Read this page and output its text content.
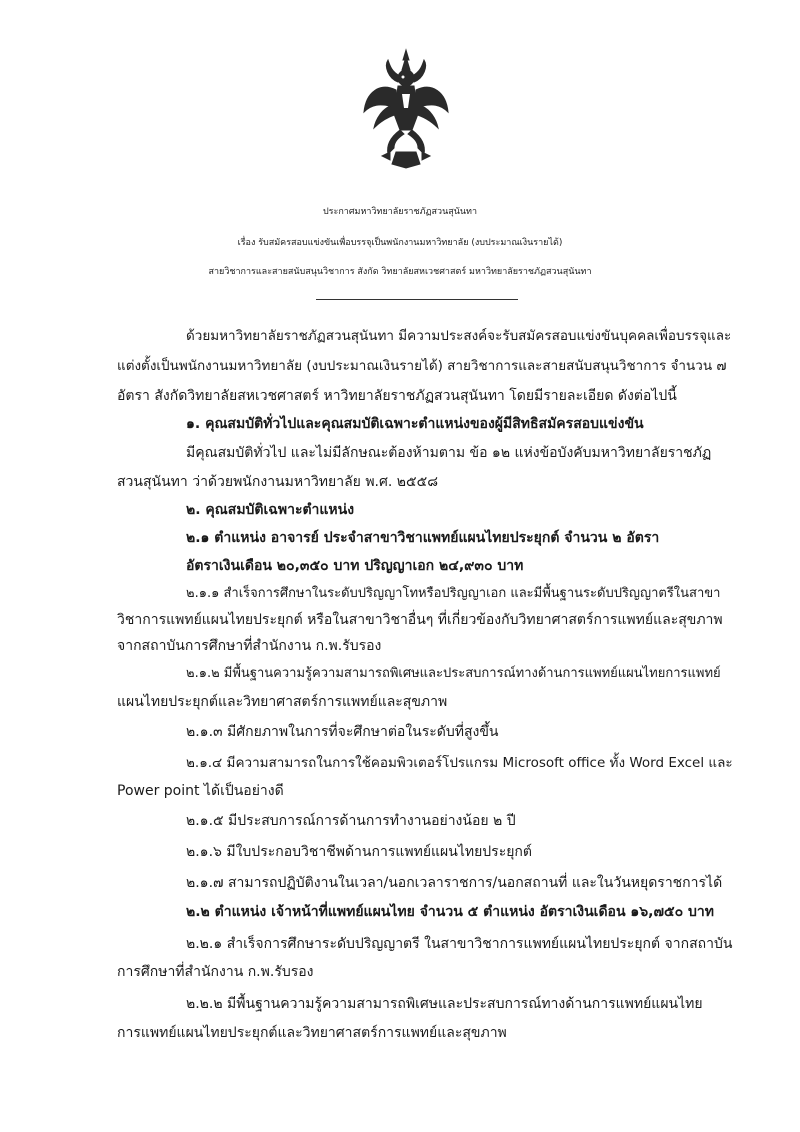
ประกาศมหาวิทยาลัยราชภัฏสวนสุนันทา
เรื่อง รับสมัครสอบแข่งขันเพื่อบรรจุเป็นพนักงานมหาวิทยาลัย (งบประมาณเงินรายได้)
สายวิชาการและสายสนับสนุนวิชาการ สังกัด วิทยาลัยสหเวชศาสตร์ มหาวิทยาลัยราชภัฏสวนสุนันทา
ด้วยมหาวิทยาลัยราชภัฏสวนสุนันทา มีความประสงค์จะรับสมัครสอบแข่งขันบุคคลเพื่อบรรจุและ
แต่งตั้งเป็นพนักงานมหาวิทยาลัย (งบประมาณเงินรายได้) สายวิชาการและสายสนับสนุนวิชาการ จำนวน ๗
อัตรา สังกัดวิทยาลัยสหเวชศาสตร์ หาวิทยาลัยราชภัฏสวนสุนันทา โดยมีรายละเอียด ดังต่อไปนี้
๑. คุณสมบัติทั่วไปและคุณสมบัติเฉพาะตำแหน่งของผู้มีสิทธิสมัครสอบแข่งขัน
มีคุณสมบัติทั่วไป และไม่มีลักษณะต้องห้ามตาม ข้อ ๑๒ แห่งข้อบังคับมหาวิทยาลัยราชภัฏ
สวนสุนันทา ว่าด้วยพนักงานมหาวิทยาลัย พ.ศ. ๒๕๕๘
๒. คุณสมบัติเฉพาะตำแหน่ง
๒.๑ ตำแหน่ง อาจารย์ ประจำสาขาวิชาแพทย์แผนไทยประยุกต์ จำนวน ๒ อัตรา
อัตราเงินเดือน ๒๐,๓๕๐ บาท ปริญญาเอก ๒๔,๙๓๐ บาท
๒.๑.๑ สำเร็จการศึกษาในระดับปริญญาโทหรือปริญญาเอก และมีพื้นฐานระดับปริญญาตรีในสาขา
วิชาการแพทย์แผนไทยประยุกต์ หรือในสาขาวิชาอื่นๆ ที่เกี่ยวข้องกับวิทยาศาสตร์การแพทย์และสุขภาพ
จากสถาบันการศึกษาที่สำนักงาน ก.พ.รับรอง
๒.๑.๒ มีพื้นฐานความรู้ความสามารถพิเศษและประสบการณ์ทางด้านการแพทย์แผนไทยการแพทย์
แผนไทยประยุกต์และวิทยาศาสตร์การแพทย์และสุขภาพ
๒.๑.๓ มีศักยภาพในการที่จะศึกษาต่อในระดับที่สูงขึ้น
๒.๑.๔ มีความสามารถในการใช้คอมพิวเตอร์โปรแกรม Microsoft office ทั้ง Word Excel และ
Power point ได้เป็นอย่างดี
๒.๑.๕ มีประสบการณ์การด้านการทำงานอย่างน้อย ๒ ปี
๒.๑.๖ มีใบประกอบวิชาชีพด้านการแพทย์แผนไทยประยุกต์
๒.๑.๗ สามารถปฏิบัติงานในเวลา/นอกเวลาราชการ/นอกสถานที่ และในวันหยุดราชการได้
๒.๒ ตำแหน่ง เจ้าหน้าที่แพทย์แผนไทย จำนวน ๕ ตำแหน่ง อัตราเงินเดือน ๑๖,๗๕๐ บาท
๒.๒.๑ สำเร็จการศึกษาระดับปริญญาตรี ในสาขาวิชาการแพทย์แผนไทยประยุกต์ จากสถาบัน
การศึกษาที่สำนักงาน ก.พ.รับรอง
๒.๒.๒ มีพื้นฐานความรู้ความสามารถพิเศษและประสบการณ์ทางด้านการแพทย์แผนไทย
การแพทย์แผนไทยประยุกต์และวิทยาศาสตร์การแพทย์และสุขภาพ
